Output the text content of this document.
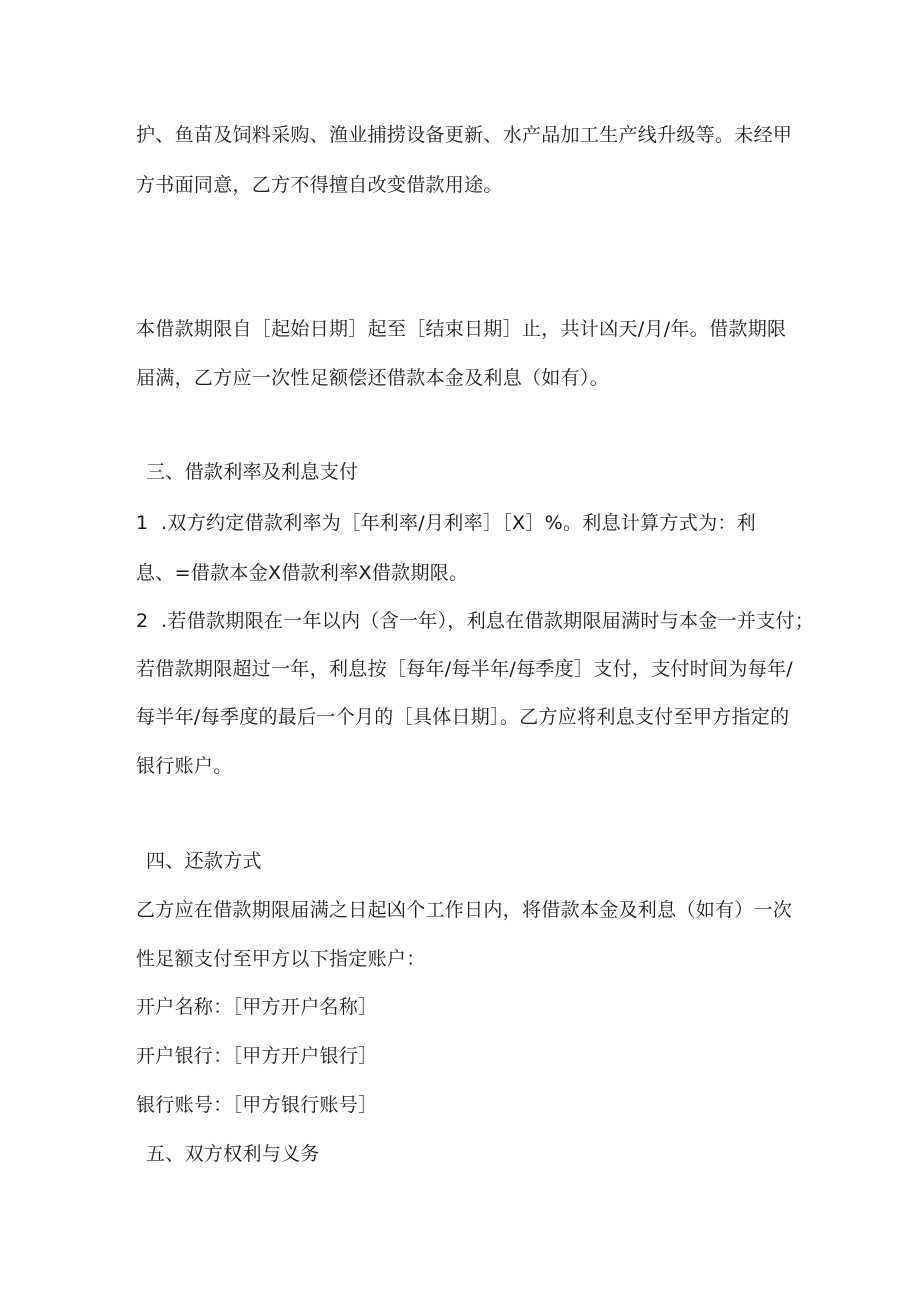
护、鱼苗及饲料采购、渔业捕捞设备更新、水产品加工生产线升级等。未经甲
方书面同意，乙方不得擅自改变借款用途。
本借款期限自［起始日期］起至［结束日期］止，共计凶天/月/年。借款期限
届满，乙方应一次性足额偿还借款本金及利息（如有）。
三、借款利率及利息支付
1  .双方约定借款利率为［年利率/月利率］［X］%。利息计算方式为：利
息、=借款本金X借款利率X借款期限。
2  .若借款期限在一年以内（含一年），利息在借款期限届满时与本金一并支付；
若借款期限超过一年，利息按［每年/每半年/每季度］支付，支付时间为每年/
每半年/每季度的最后一个月的［具体日期］。乙方应将利息支付至甲方指定的
银行账户。
四、还款方式
乙方应在借款期限届满之日起凶个工作日内，将借款本金及利息（如有）一次
性足额支付至甲方以下指定账户：
开户名称：［甲方开户名称］
开户银行：［甲方开户银行］
银行账号：［甲方银行账号］
五、双方权利与义务
